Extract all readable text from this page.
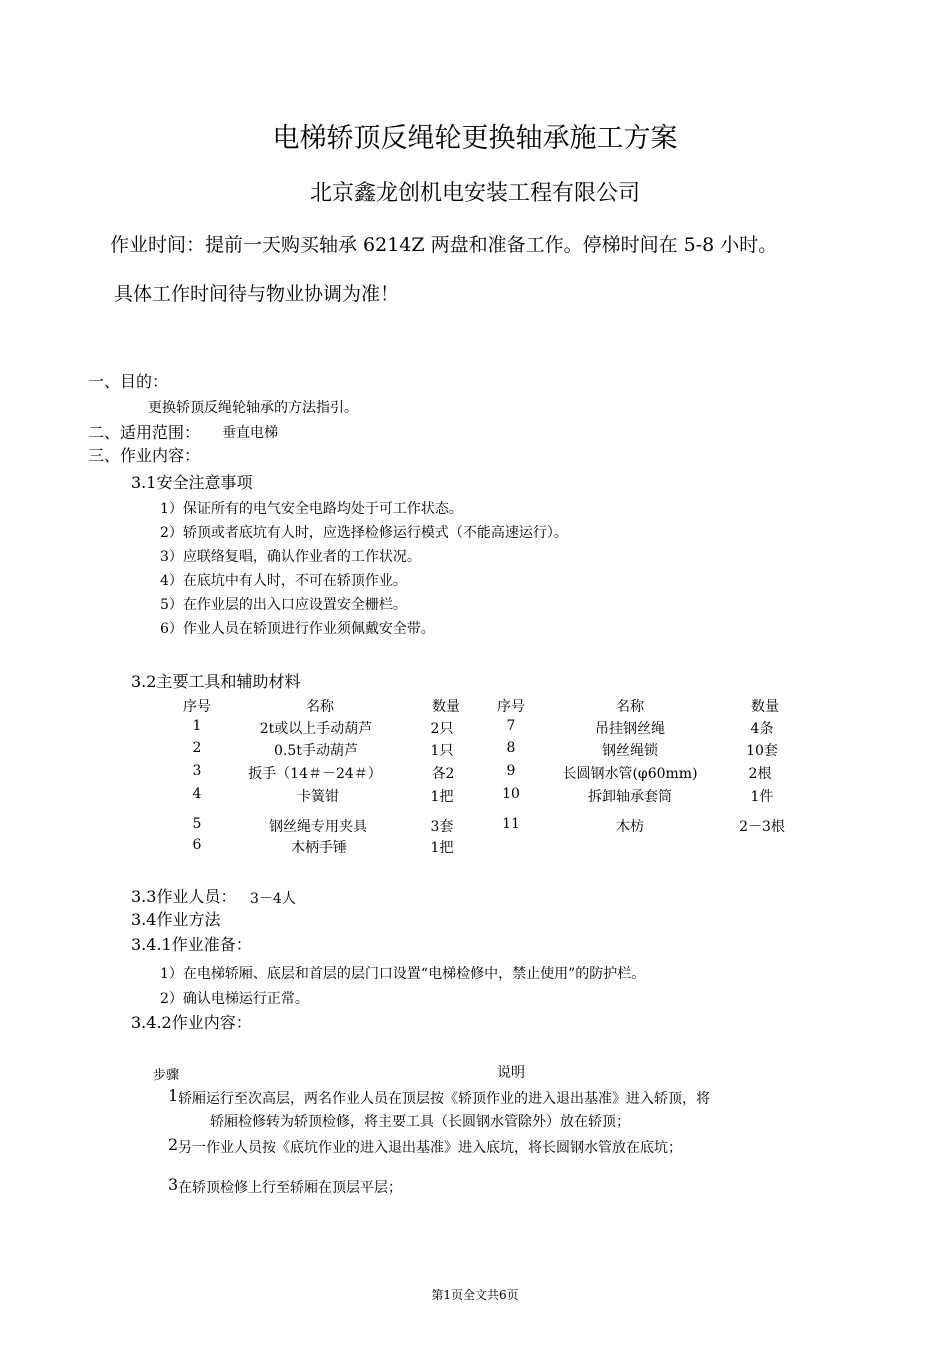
电梯轿顶反绳轮更换轴承施工方案
北京鑫龙创机电安装工程有限公司
作业时间：提前一天购买轴承 6214Z 两盘和准备工作。停梯时间在 5-8 小时。
具体工作时间待与物业协调为准！
一、目的：
更换轿顶反绳轮轴承的方法指引。
二、适用范围： 垂直电梯
三、作业内容：
3.1安全注意事项
1）保证所有的电气安全电路均处于可工作状态。
2）轿顶或者底坑有人时，应选择检修运行模式（不能高速运行）。
3）应联络复唱，确认作业者的工作状况。
4）在底坑中有人时，不可在轿顶作业。
5）在作业层的出入口应设置安全栅栏。
6）作业人员在轿顶进行作业须佩戴安全带。
3.2主要工具和辅助材料
序号	名称	数量	序号	名称	数量
1	2t或以上手动葫芦	2只	7	吊挂钢丝绳	4条
2	0.5t手动葫芦	1只	8	钢丝绳锁	10套
3	扳手（14＃－24＃）	各2	9	长圆钢水管(φ60mm)	2根
4	卡簧钳	1把	10	拆卸轴承套筒	1件
5	钢丝绳专用夹具	3套	11	木枋	2－3根
6	木柄手锤	1把
3.3作业人员： 3－4人
3.4作业方法
3.4.1作业准备：
1）在电梯轿厢、底层和首层的层门口设置“电梯检修中，禁止使用”的防护栏。
2）确认电梯运行正常。
3.4.2作业内容：
步骤	说明
1 轿厢运行至次高层，两名作业人员在顶层按《轿顶作业的进入退出基准》进入轿顶，将
轿厢检修转为轿顶检修，将主要工具（长圆钢水管除外）放在轿顶；
2 另一作业人员按《底坑作业的进入退出基准》进入底坑，将长圆钢水管放在底坑；
3 在轿顶检修上行至轿厢在顶层平层；
第1页全文共6页
